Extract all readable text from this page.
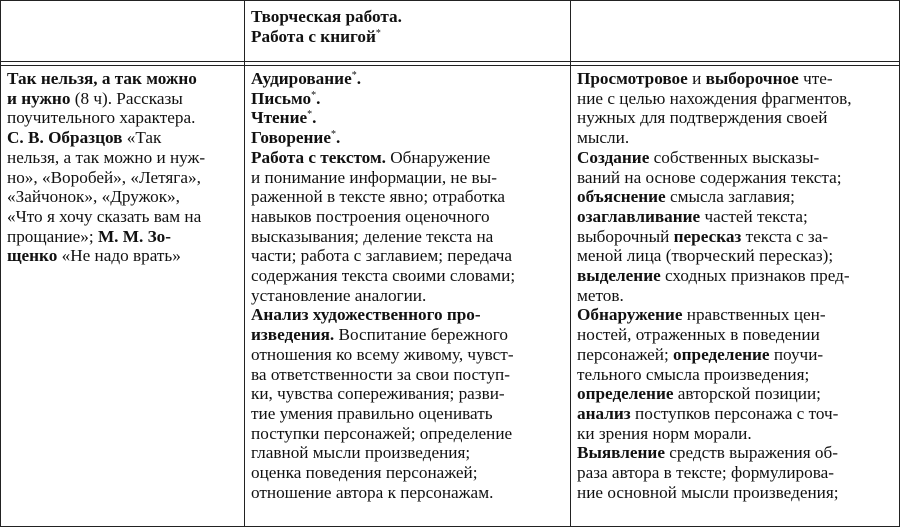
Творческая работа.
Работа с книгой*
Так нельзя, а так можно
и нужно (8 ч). Рассказы
поучительного характера.
С. В. Образцов «Так
нельзя, а так можно и нуж-
но», «Воробей», «Летяга»,
«Зайчонок», «Дружок»,
«Что я хочу сказать вам на
прощание»; М. М. Зо-
щенко «Не надо врать»
Аудирование*.
Письмо*.
Чтение*.
Говорение*.
Работа с текстом. Обнаружение
и понимание информации, не вы-
раженной в тексте явно; отработка
навыков построения оценочного
высказывания; деление текста на
части; работа с заглавием; передача
содержания текста своими словами;
установление аналогии.
Анализ художественного про-
изведения. Воспитание бережного
отношения ко всему живому, чувст-
ва ответственности за свои поступ-
ки, чувства сопереживания; разви-
тие умения правильно оценивать
поступки персонажей; определение
главной мысли произведения;
оценка поведения персонажей;
отношение автора к персонажам.
Просмотровое и выборочное чте-
ние с целью нахождения фрагментов,
нужных для подтверждения своей
мысли.
Создание собственных высказы-
ваний на основе содержания текста;
объяснение смысла заглавия;
озаглавливание частей текста;
выборочный пересказ текста с за-
меной лица (творческий пересказ);
выделение сходных признаков пред-
метов.
Обнаружение нравственных цен-
ностей, отраженных в поведении
персонажей; определение поучи-
тельного смысла произведения;
определение авторской позиции;
анализ поступков персонажа с точ-
ки зрения норм морали.
Выявление средств выражения об-
раза автора в тексте; формулирова-
ние основной мысли произведения;
